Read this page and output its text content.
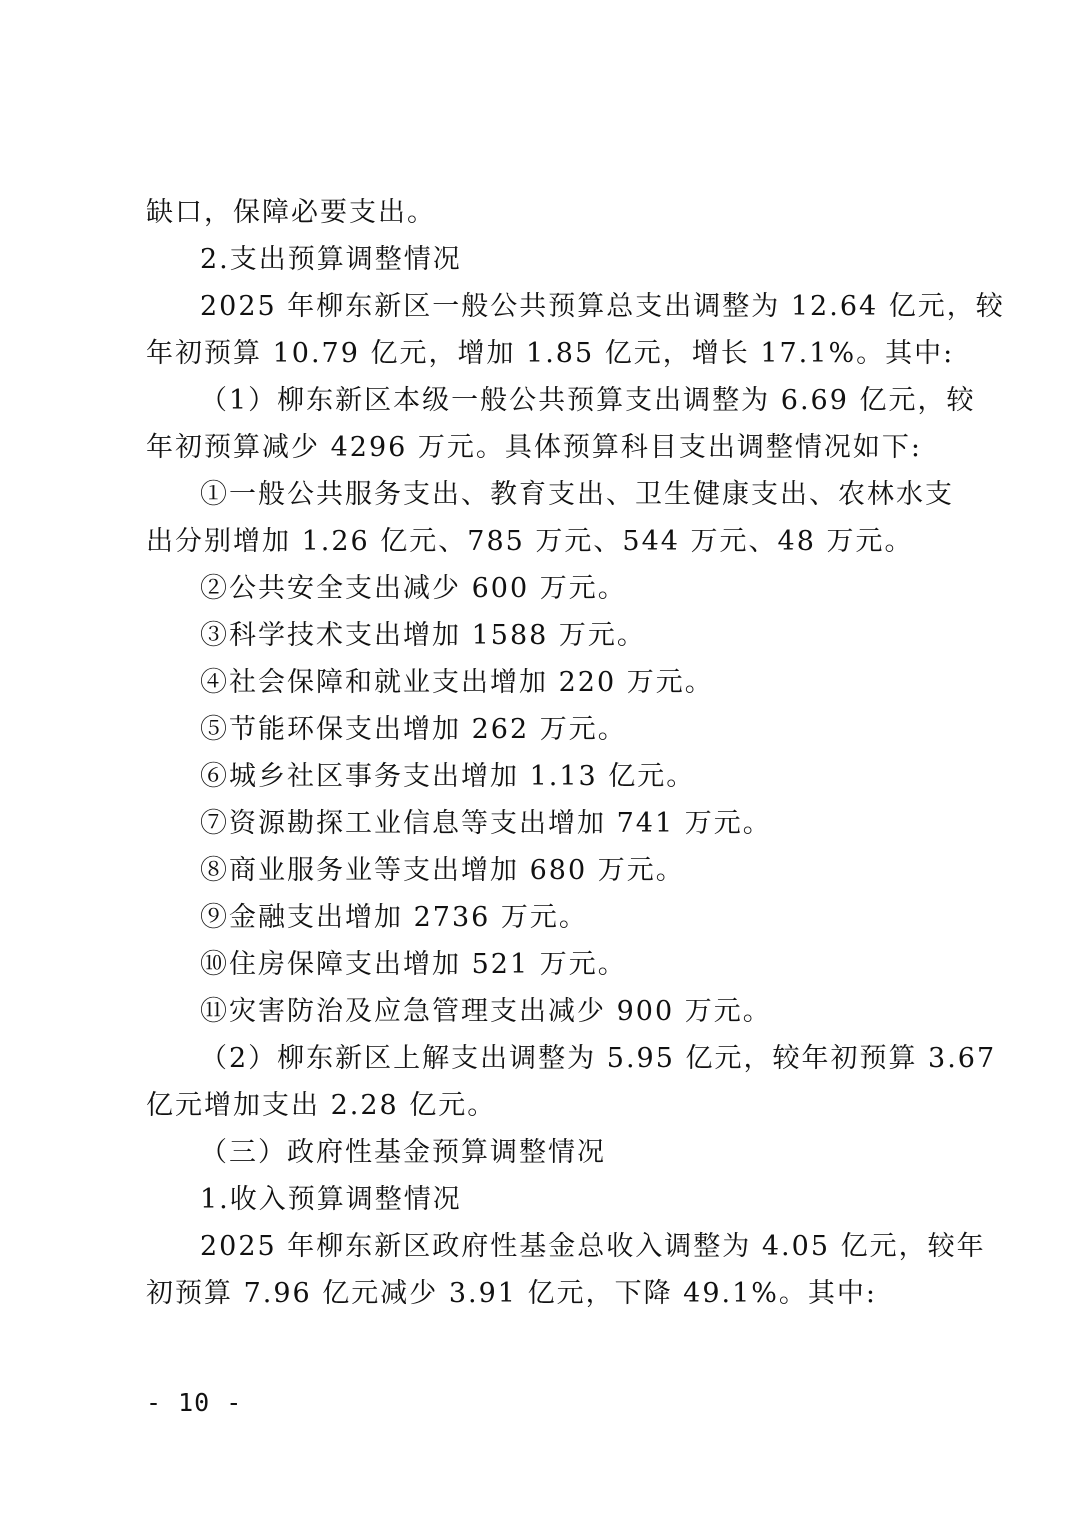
缺口，保障必要支出。
2.支出预算调整情况
2025 年柳东新区一般公共预算总支出调整为 12.64 亿元，较
年初预算 10.79 亿元，增加 1.85 亿元，增长 17.1%。其中:
（1）柳东新区本级一般公共预算支出调整为 6.69 亿元，较
年初预算减少 4296 万元。具体预算科目支出调整情况如下:
①一般公共服务支出、教育支出、卫生健康支出、农林水支
出分别增加 1.26 亿元、785 万元、544 万元、48 万元。
②公共安全支出减少 600 万元。
③科学技术支出增加 1588 万元。
④社会保障和就业支出增加 220 万元。
⑤节能环保支出增加 262 万元。
⑥城乡社区事务支出增加 1.13 亿元。
⑦资源勘探工业信息等支出增加 741 万元。
⑧商业服务业等支出增加 680 万元。
⑨金融支出增加 2736 万元。
⑩住房保障支出增加 521 万元。
⑪灾害防治及应急管理支出减少 900 万元。
（2）柳东新区上解支出调整为 5.95 亿元，较年初预算 3.67
亿元增加支出 2.28 亿元。
（三）政府性基金预算调整情况
1.收入预算调整情况
2025 年柳东新区政府性基金总收入调整为 4.05 亿元，较年
初预算 7.96 亿元减少 3.91 亿元，下降 49.1%。其中:
- 10 -
